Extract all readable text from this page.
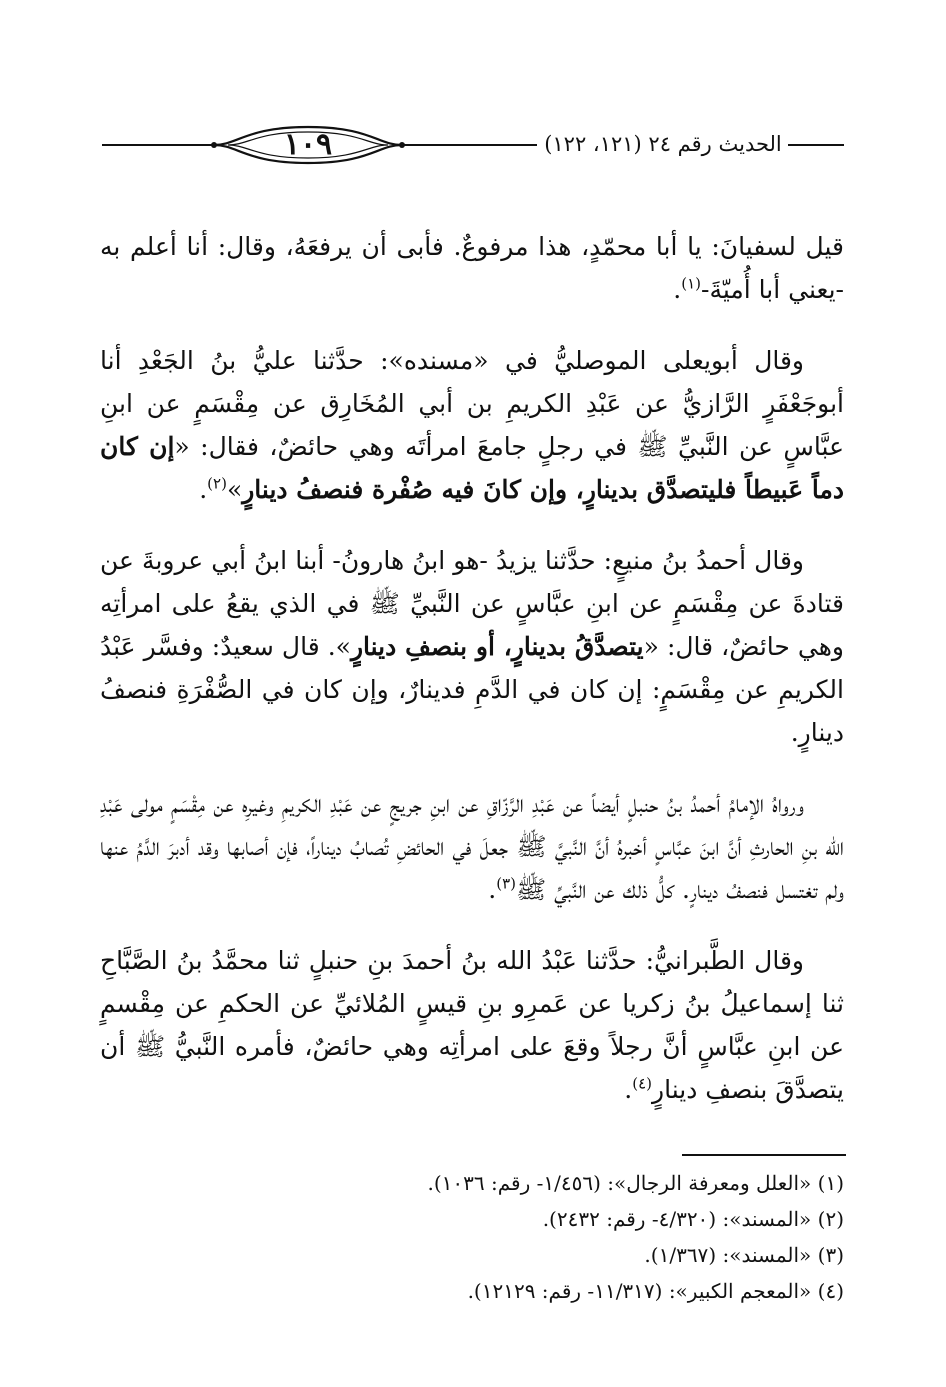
١٠٩	الحديث رقم ٢٤ (١٢١، ١٢٢)

قيل لسفيانَ: يا أبا محمّدٍ، هذا مرفوعٌ. فأبى أن يرفعَهُ، وقال: أنا أعلم به -يعني أبا أُميّةَ-$^{(١)}$.

وقال أبويعلى الموصليُّ في «مسنده»: حدَّثنا عليُّ بنُ الجَعْدِ أنا أبوجَعْفَرٍ الرَّازيُّ عن عَبْدِ الكريمِ بن أبي المُخَارِق عن مِقْسَمٍ عن ابنِ عبَّاسٍ عن النَّبيِّ ﷺ في رجلٍ جامعَ امرأتَه وهي حائضٌ، فقال: «إن كان دماً عَبيطاً فليتصدَّق بدينارٍ، وإن كانَ فيه صُفْرة فنصفُ دينارٍ»$^{(٢)}$.

وقال أحمدُ بنُ منيعٍ: حدَّثنا يزيدُ -هو ابنُ هارونُ- أبنا ابنُ أبي عروبةَ عن قتادةَ عن مِقْسَمٍ عن ابنِ عبَّاسٍ عن النَّبيِّ ﷺ في الذي يقعُ على امرأتِه وهي حائضٌ، قال: «يتصدَّقُ بدينارٍ، أو بنصفِ دينارٍ». قال سعيدٌ: وفسَّر عَبْدُ الكريمِ عن مِقْسَمٍ: إن كان في الدَّمِ فدينارٌ، وإن كان في الصُّفْرَةِ فنصفُ دينارٍ.

ورواهُ الإمامُ أحمدُ بنُ حنبلٍ أيضاً عن عَبْدِ الرَّزّاقِ عن ابنِ جريجٍ عن عَبْدِ الكريمِ وغيرِه عن مِقْسَمٍ مولى عَبْدِ الله بنِ الحارثِ أنَّ ابنَ عبَّاسٍ أخبرهُ أنَّ النَّبيَّ ﷺ جعلَ في الحائضِ تُصابُ ديناراً، فإن أصابها وقد أدبرَ الدَّمُ عنها ولم تغتسل فنصفُ دينارٍ. كلُّ ذلك عن النَّبيِّ ﷺ$^{(٣)}$.

وقال الطَّبرانيُّ: حدَّثنا عَبْدُ الله بنُ أحمدَ بنِ حنبلٍ ثنا محمَّدُ بنُ الصَّبَّاحِ ثنا إسماعيلُ بنُ زكريا عن عَمرِو بنِ قيسٍ المُلائيِّ عن الحكمِ عن مِقْسمٍ عن ابنِ عبَّاسٍ أنَّ رجلاً وقعَ على امرأتِه وهي حائضٌ، فأمره النَّبيُّ ﷺ أن يتصدَّقَ بنصفِ دينارٍ$^{(٤)}$.

(١) «العلل ومعرفة الرجال»: (١/٤٥٦- رقم: ١٠٣٦).
(٢) «المسند»: (٤/٣٢٠- رقم: ٢٤٣٢).
(٣) «المسند»: (١/٣٦٧).
(٤) «المعجم الكبير»: (١١/٣١٧- رقم: ١٢١٢٩).
